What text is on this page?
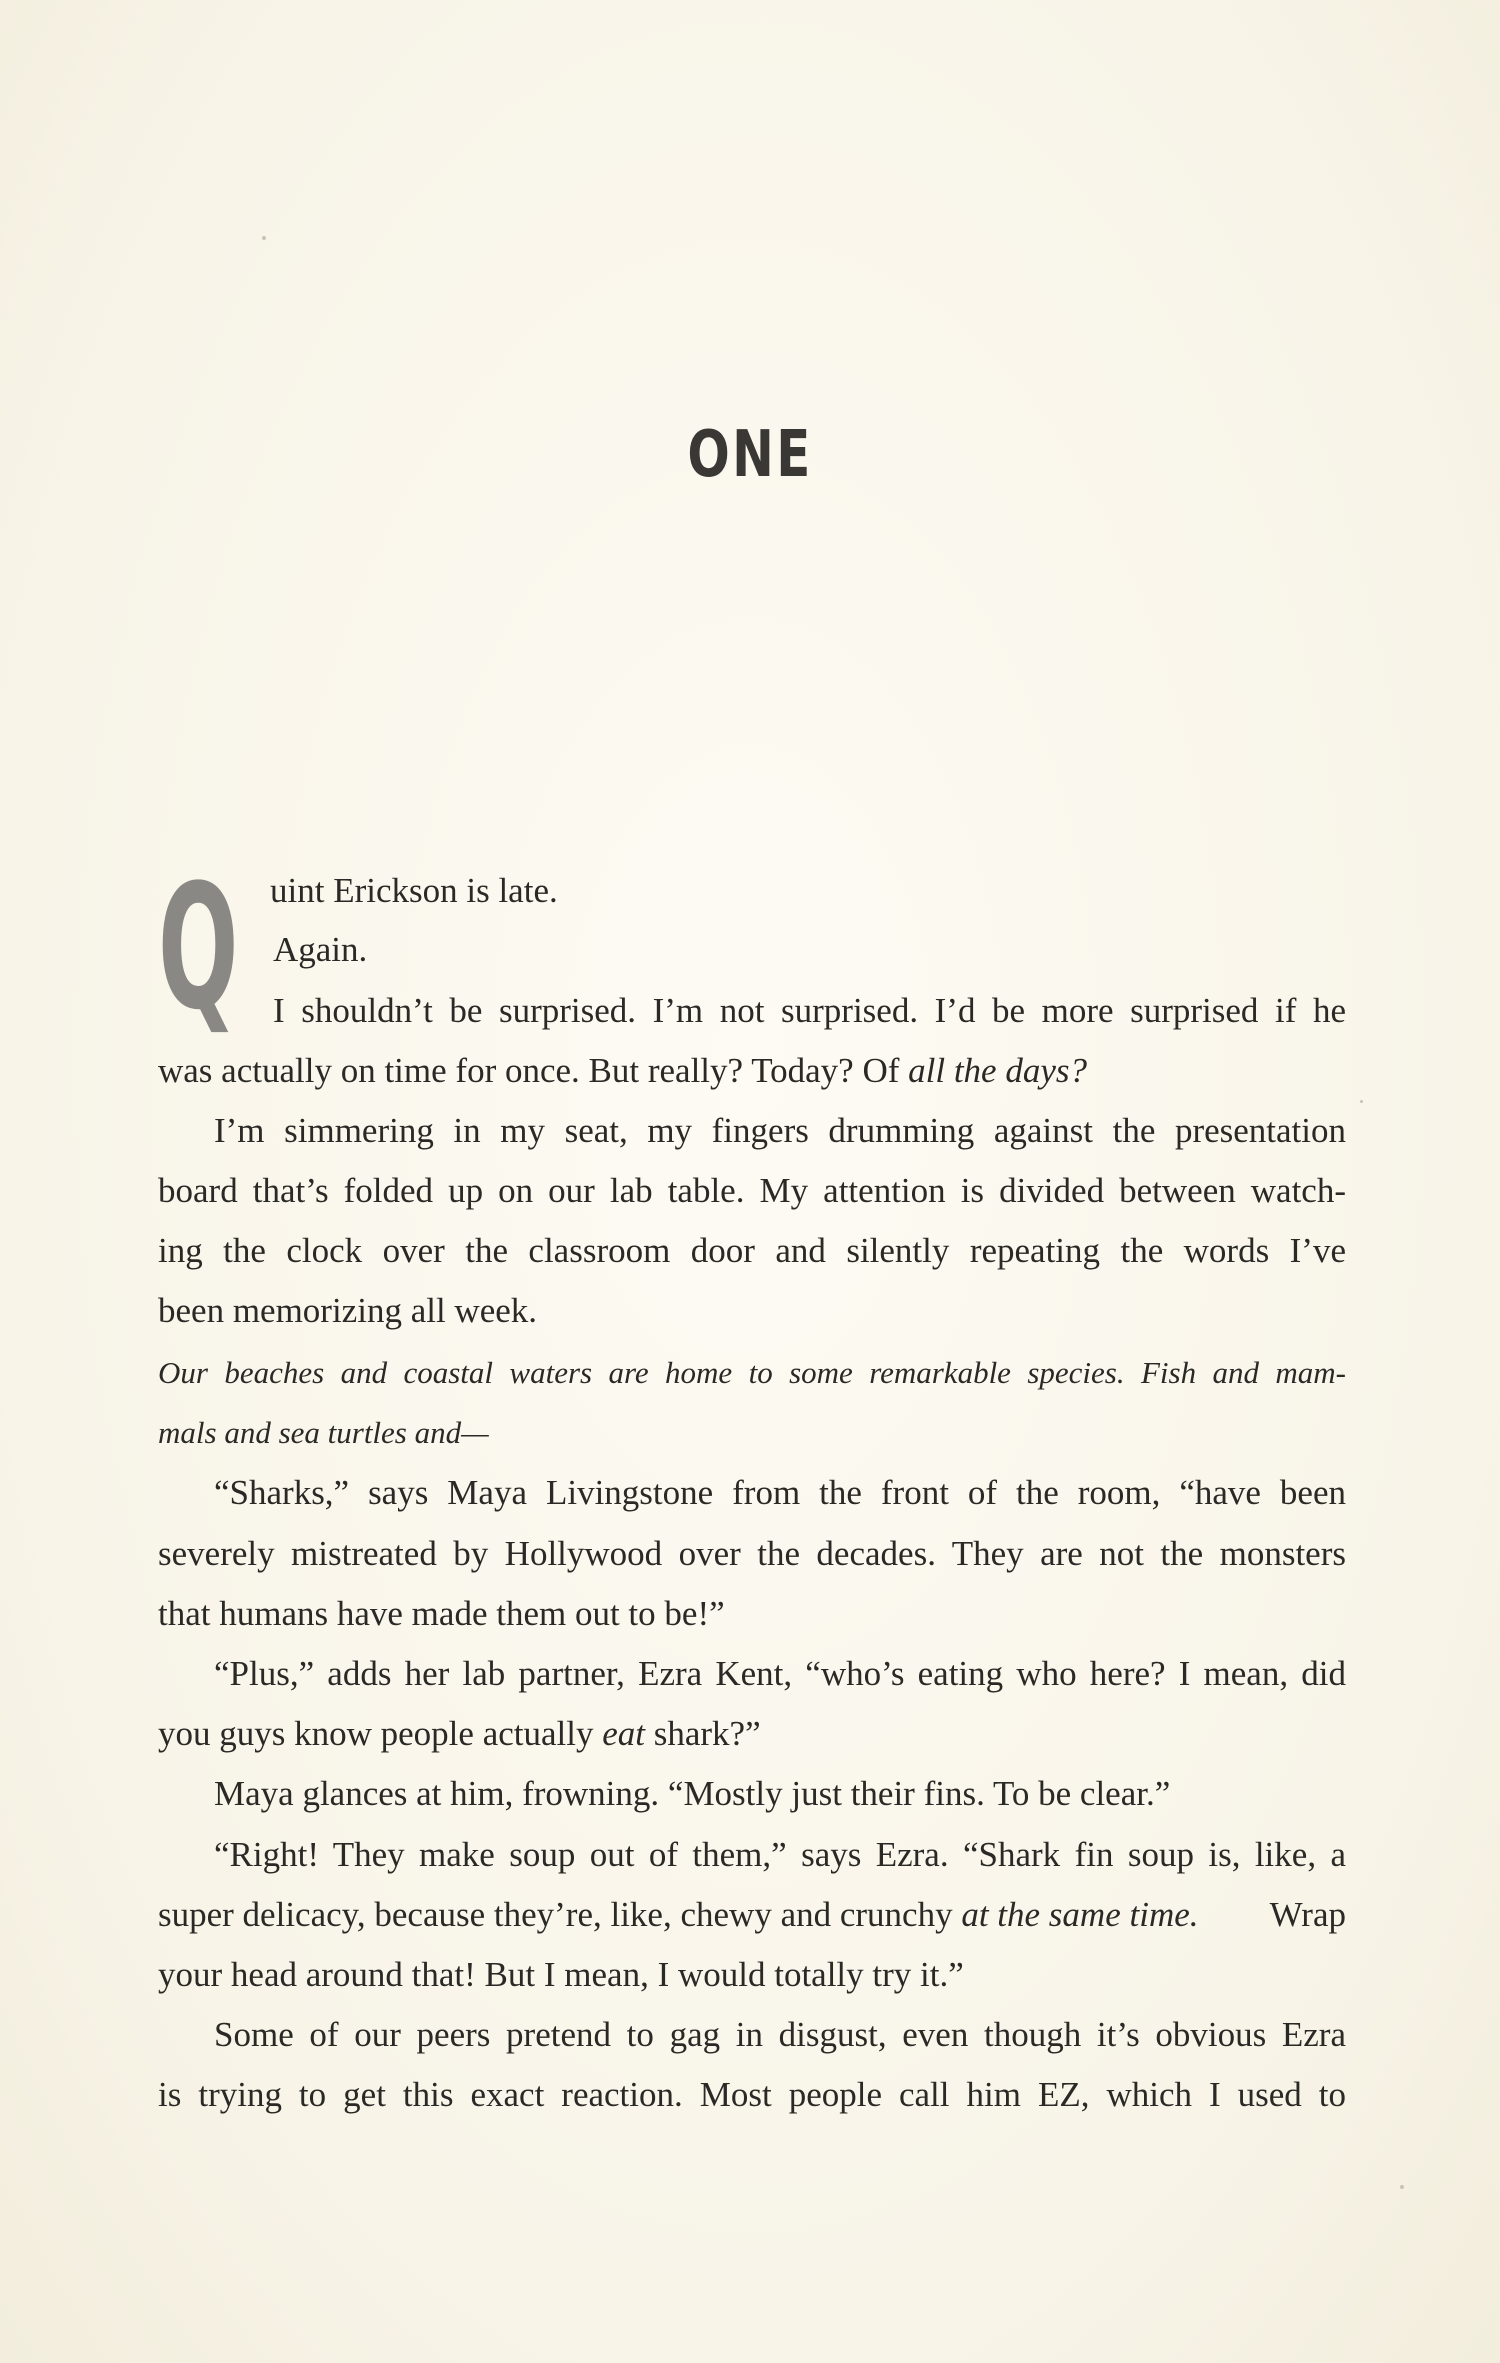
ONE
Q uint Erickson is late.
Again.
I shouldn’t be surprised. I’m not surprised. I’d be more surprised if he
was actually on time for once. But really? Today? Of all the days?
I’m simmering in my seat, my fingers drumming against the presentation
board that’s folded up on our lab table. My attention is divided between watch-
ing the clock over the classroom door and silently repeating the words I’ve
been memorizing all week.
Our beaches and coastal waters are home to some remarkable species. Fish and mam-
mals and sea turtles and—
“Sharks,” says Maya Livingstone from the front of the room, “have been
severely mistreated by Hollywood over the decades. They are not the monsters
that humans have made them out to be!”
“Plus,” adds her lab partner, Ezra Kent, “who’s eating who here? I mean, did
you guys know people actually eat shark?”
Maya glances at him, frowning. “Mostly just their fins. To be clear.”
“Right! They make soup out of them,” says Ezra. “Shark fin soup is, like, a
super delicacy, because they’re, like, chewy and crunchy at the same time. Wrap
your head around that! But I mean, I would totally try it.”
Some of our peers pretend to gag in disgust, even though it’s obvious Ezra
is trying to get this exact reaction. Most people call him EZ, which I used to
